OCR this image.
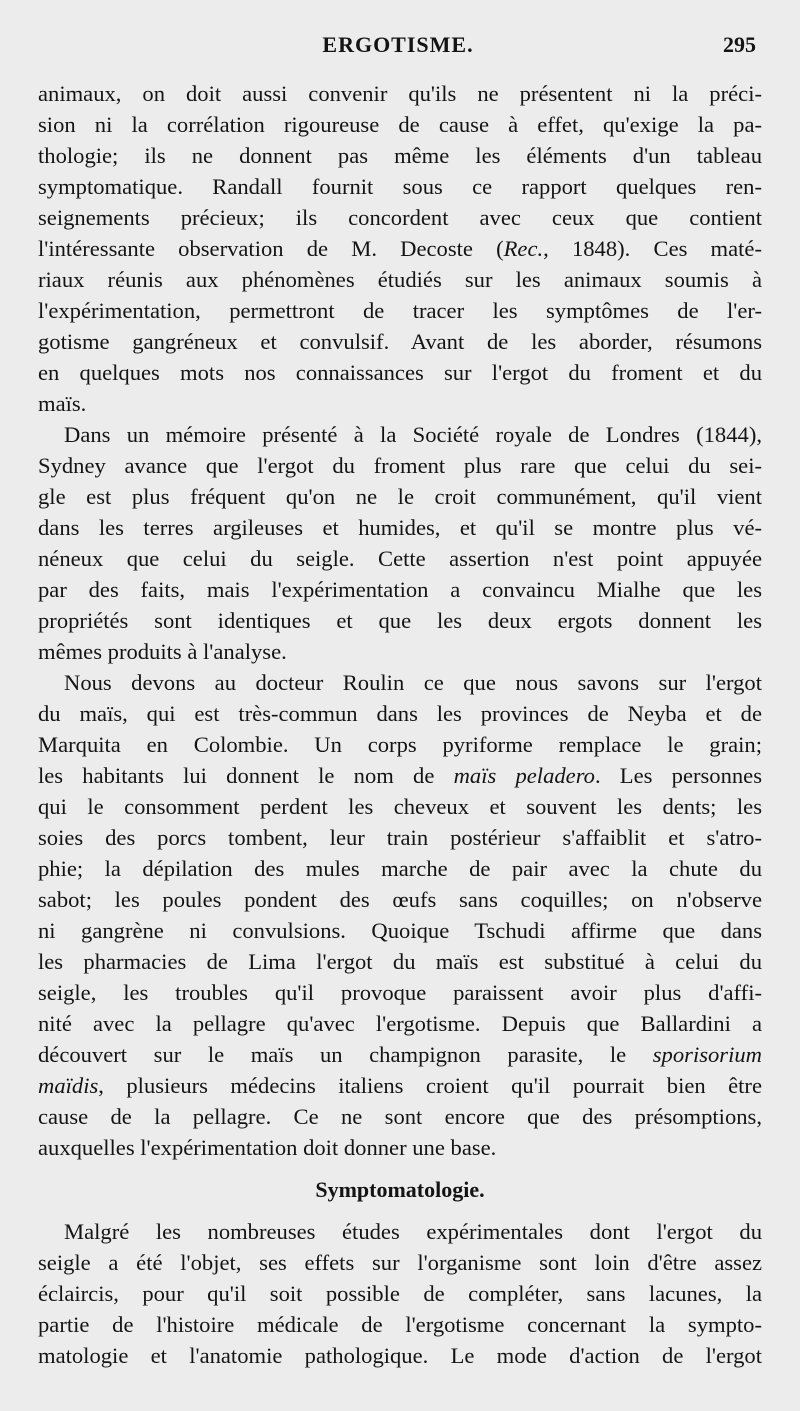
ERGOTISME.	295
animaux, on doit aussi convenir qu'ils ne présentent ni la préci-
sion ni la corrélation rigoureuse de cause à effet, qu'exige la pa-
thologie; ils ne donnent pas même les éléments d'un tableau
symptomatique. Randall fournit sous ce rapport quelques ren-
seignements précieux; ils concordent avec ceux que contient
l'intéressante observation de M. Decoste (Rec., 1848). Ces maté-
riaux réunis aux phénomènes étudiés sur les animaux soumis à
l'expérimentation, permettront de tracer les symptômes de l'er-
gotisme gangréneux et convulsif. Avant de les aborder, résumons
en quelques mots nos connaissances sur l'ergot du froment et du
maïs.
Dans un mémoire présenté à la Société royale de Londres (1844),
Sydney avance que l'ergot du froment plus rare que celui du sei-
gle est plus fréquent qu'on ne le croit communément, qu'il vient
dans les terres argileuses et humides, et qu'il se montre plus vé-
néneux que celui du seigle. Cette assertion n'est point appuyée
par des faits, mais l'expérimentation a convaincu Mialhe que les
propriétés sont identiques et que les deux ergots donnent les
mêmes produits à l'analyse.
Nous devons au docteur Roulin ce que nous savons sur l'ergot
du maïs, qui est très-commun dans les provinces de Neyba et de
Marquita en Colombie. Un corps pyriforme remplace le grain;
les habitants lui donnent le nom de maïs peladero. Les personnes
qui le consomment perdent les cheveux et souvent les dents; les
soies des porcs tombent, leur train postérieur s'affaiblit et s'atro-
phie; la dépilation des mules marche de pair avec la chute du
sabot; les poules pondent des œufs sans coquilles; on n'observe
ni gangrène ni convulsions. Quoique Tschudi affirme que dans
les pharmacies de Lima l'ergot du maïs est substitué à celui du
seigle, les troubles qu'il provoque paraissent avoir plus d'affi-
nité avec la pellagre qu'avec l'ergotisme. Depuis que Ballardini a
découvert sur le maïs un champignon parasite, le sporisorium
maïdis, plusieurs médecins italiens croient qu'il pourrait bien être
cause de la pellagre. Ce ne sont encore que des présomptions,
auxquelles l'expérimentation doit donner une base.
Symptomatologie.
Malgré les nombreuses études expérimentales dont l'ergot du
seigle a été l'objet, ses effets sur l'organisme sont loin d'être assez
éclaircis, pour qu'il soit possible de compléter, sans lacunes, la
partie de l'histoire médicale de l'ergotisme concernant la sympto-
matologie et l'anatomie pathologique. Le mode d'action de l'ergot
